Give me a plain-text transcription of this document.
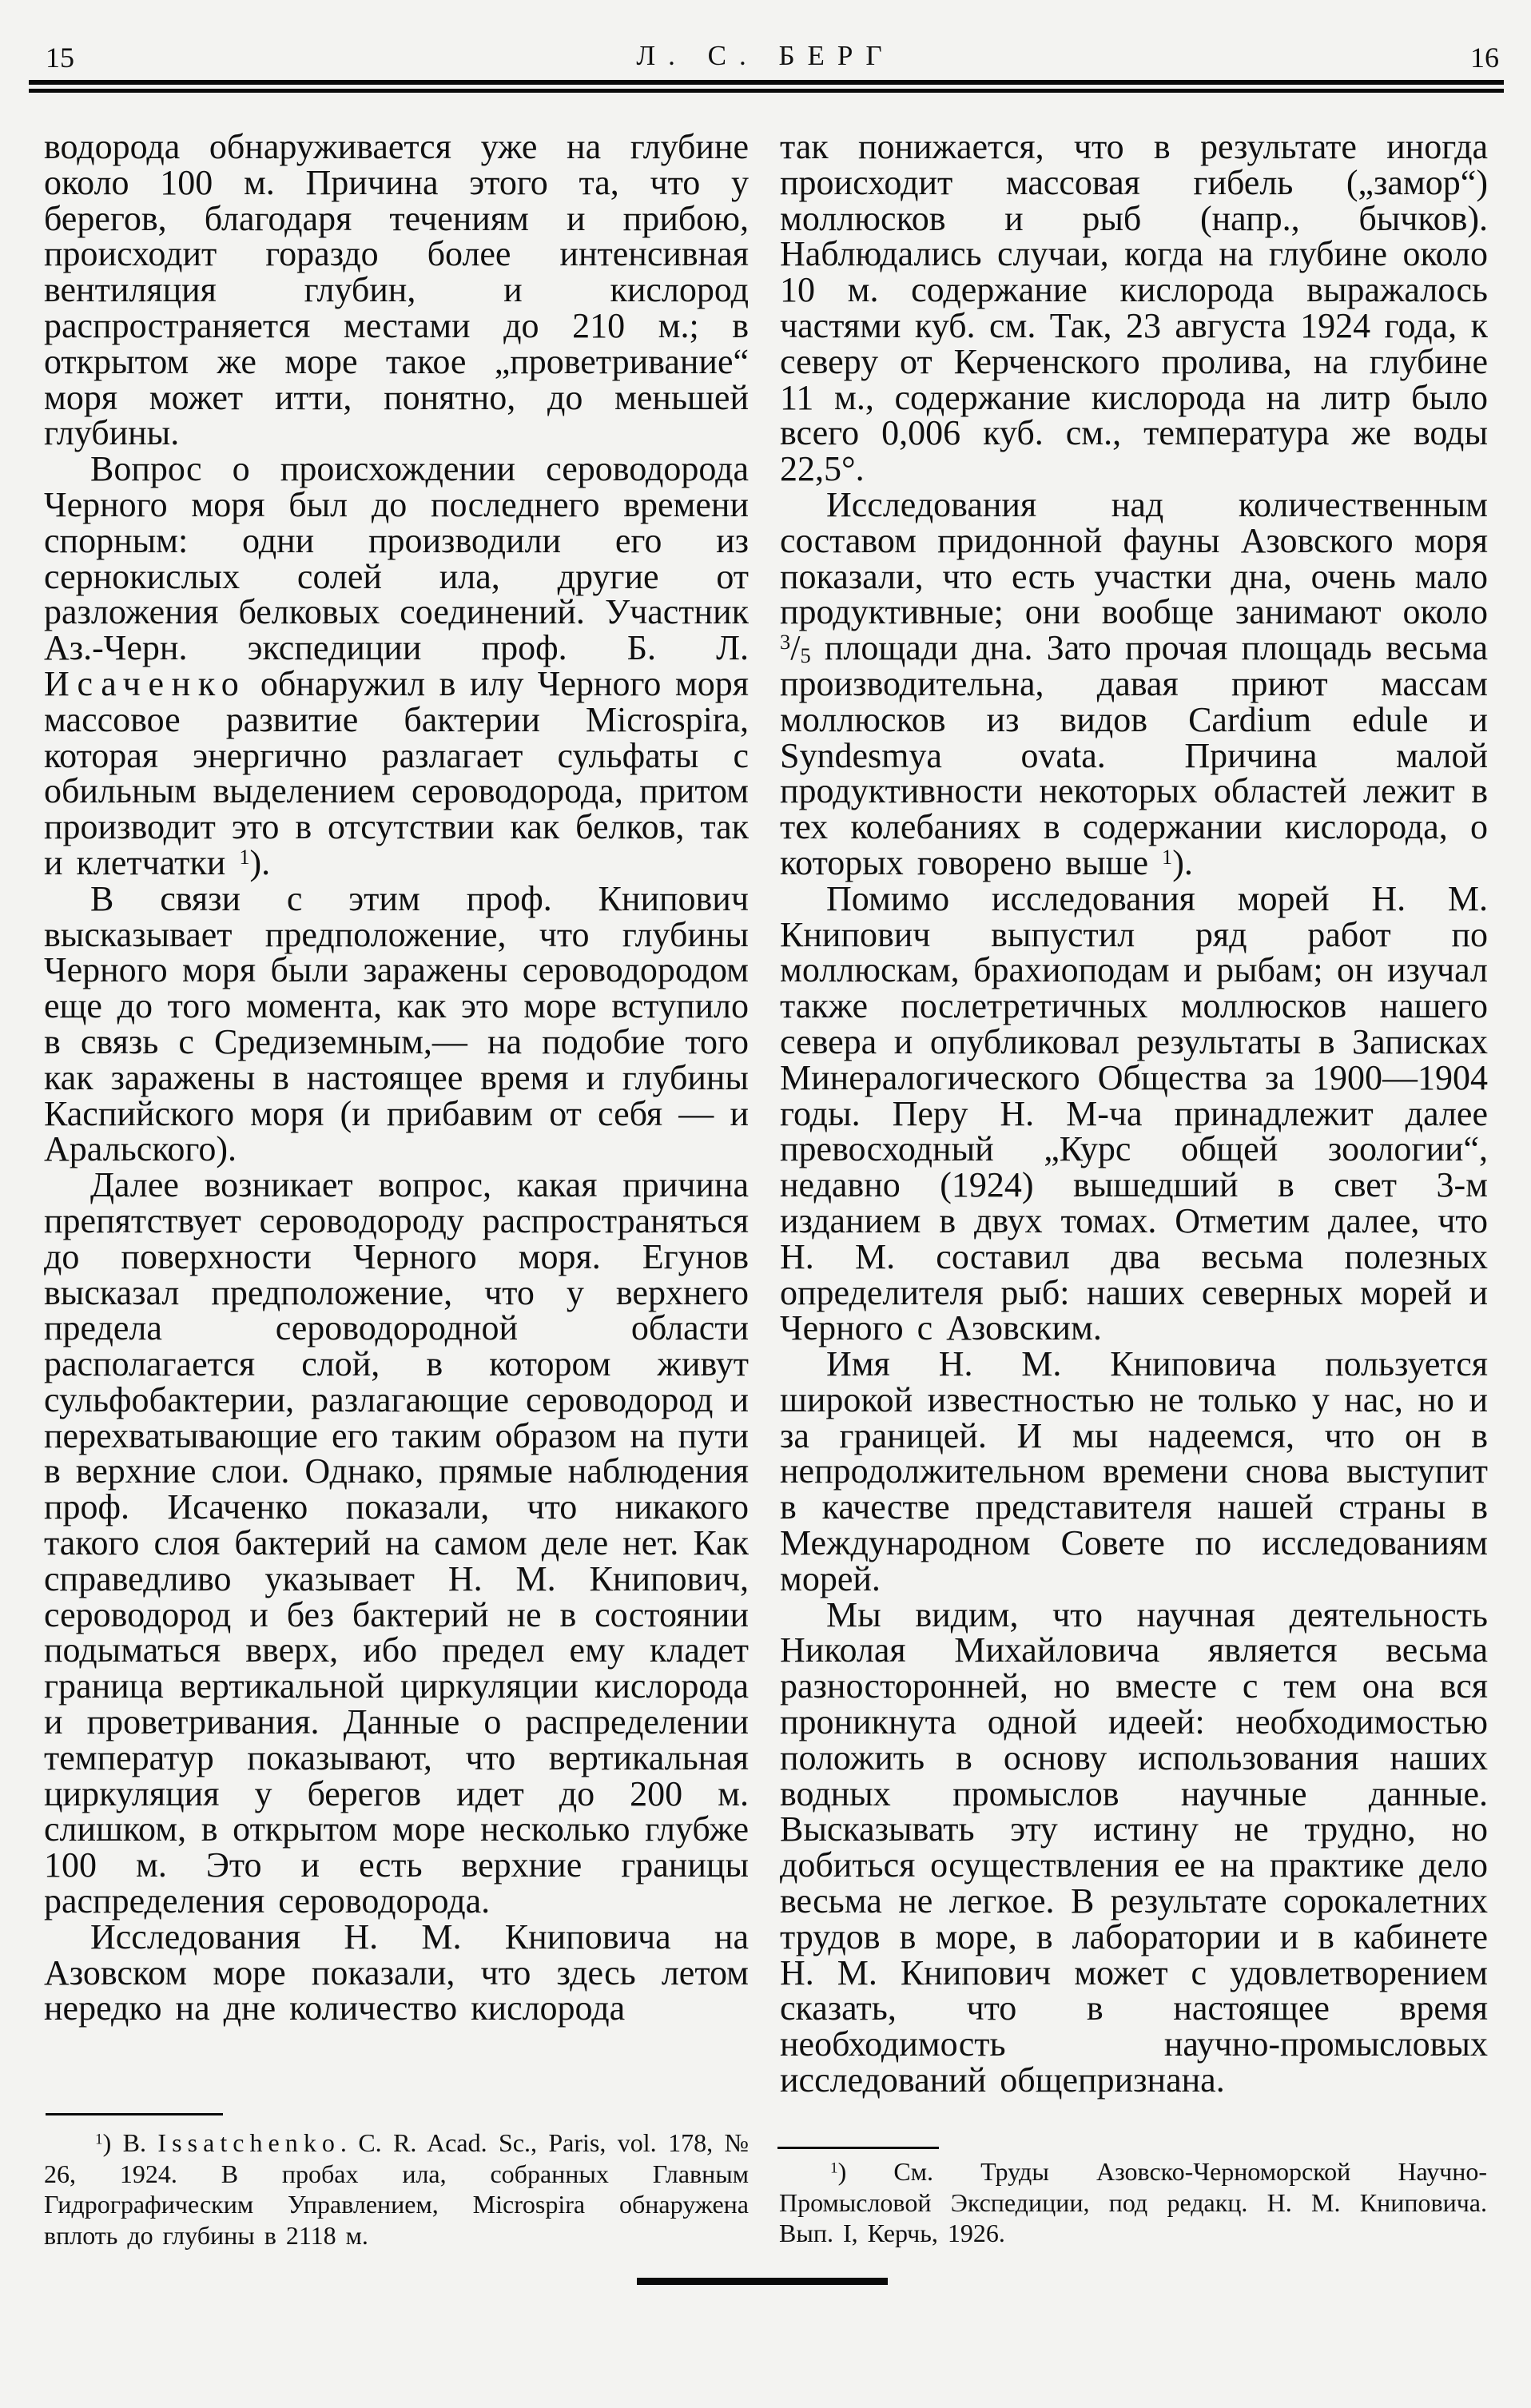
15	Л. С. БЕРГ	16

водорода обнаруживается уже на глубине около 100 м. Причина этого та, что у берегов, благодаря течениям и прибою, происходит гораздо более интенсивная вентиляция глубин, и кислород распространяется местами до 210 м.; в открытом же море такое „проветривание“ моря может итти, понятно, до меньшей глубины.

Вопрос о происхождении сероводорода Черного моря был до последнего времени спорным: одни производили его из сернокислых солей ила, другие от разложения белковых соединений. Участник Аз.-Черн. экспедиции проф. Б. Л. Исаченко обнаружил в илу Черного моря массовое развитие бактерии Microspira, которая энергично разлагает сульфаты с обильным выделением сероводорода, притом производит это в отсутствии как белков, так и клетчатки $^1$).

В связи с этим проф. Книпович высказывает предположение, что глубины Черного моря были заражены сероводородом еще до того момента, как это море вступило в связь с Средиземным,— на подобие того как заражены в настоящее время и глубины Каспийского моря (и прибавим от себя — и Аральского).

Далее возникает вопрос, какая причина препятствует сероводороду распространяться до поверхности Черного моря. Егунов высказал предположение, что у верхнего предела сероводородной области располагается слой, в котором живут сульфобактерии, разлагающие сероводород и перехватывающие его таким образом на пути в верхние слои. Однако, прямые наблюдения проф. Исаченко показали, что никакого такого слоя бактерий на самом деле нет. Как справедливо указывает Н. М. Книпович, сероводород и без бактерий не в состоянии подыматься вверх, ибо предел ему кладет граница вертикальной циркуляции кислорода и проветривания. Данные о распределении температур показывают, что вертикальная циркуляция у берегов идет до 200 м. слишком, в открытом море несколько глубже 100 м. Это и есть верхние границы распределения сероводорода.

Исследования Н. М. Книповича на Азовском море показали, что здесь летом нередко на дне количество кислорода

так понижается, что в результате иногда происходит массовая гибель („замор“) моллюсков и рыб (напр., бычков). Наблюдались случаи, когда на глубине около 10 м. содержание кислорода выражалось частями куб. см. Так, 23 августа 1924 года, к северу от Керченского пролива, на глубине 11 м., содержание кислорода на литр было всего 0,006 куб. см., температура же воды 22,5°.

Исследования над количественным составом придонной фауны Азовского моря показали, что есть участки дна, очень мало продуктивные; они вообще занимают около $^3$/5 площади дна. Зато прочая площадь весьма производительна, давая приют массам моллюсков из видов Cardium edule и Syndesmya ovata. Причина малой продуктивности некоторых областей лежит в тех колебаниях в содержании кислорода, о которых говорено выше $^1$).

Помимо исследования морей Н. М. Книпович выпустил ряд работ по моллюскам, брахиоподам и рыбам; он изучал также послетретичных моллюсков нашего севера и опубликовал результаты в Записках Минералогического Общества за 1900—1904 годы. Перу Н. М-ча принадлежит далее превосходный „Курс общей зоологии“, недавно (1924) вышедший в свет 3-м изданием в двух томах. Отметим далее, что Н. М. составил два весьма полезных определителя рыб: наших северных морей и Черного с Азовским.

Имя Н. М. Книповича пользуется широкой известностью не только у нас, но и за границей. И мы надеемся, что он в непродолжительном времени снова выступит в качестве представителя нашей страны в Международном Совете по исследованиям морей.

Мы видим, что научная деятельность Николая Михайловича является весьма разносторонней, но вместе с тем она вся проникнута одной идеей: необходимостью положить в основу использования наших водных промыслов научные данные. Высказывать эту истину не трудно, но добиться осуществления ее на практике дело весьма не легкое. В результате сорокалетних трудов в море, в лаборатории и в кабинете Н. М. Книпович может с удовлетворением сказать, что в настоящее время необходимость научно-промысловых исследований общепризнана.

$^1$) B. Issatchenko. C. R. Acad. Sc., Paris, vol. 178, № 26, 1924. В пробах ила, собранных Главным Гидрографическим Управлением, Microspira обнаружена вплоть до глубины в 2118 м.

$^1$) См. Труды Азовско-Черноморской Научно-Промысловой Экспедиции, под редакц. Н. М. Книповича. Вып. I, Керчь, 1926.
